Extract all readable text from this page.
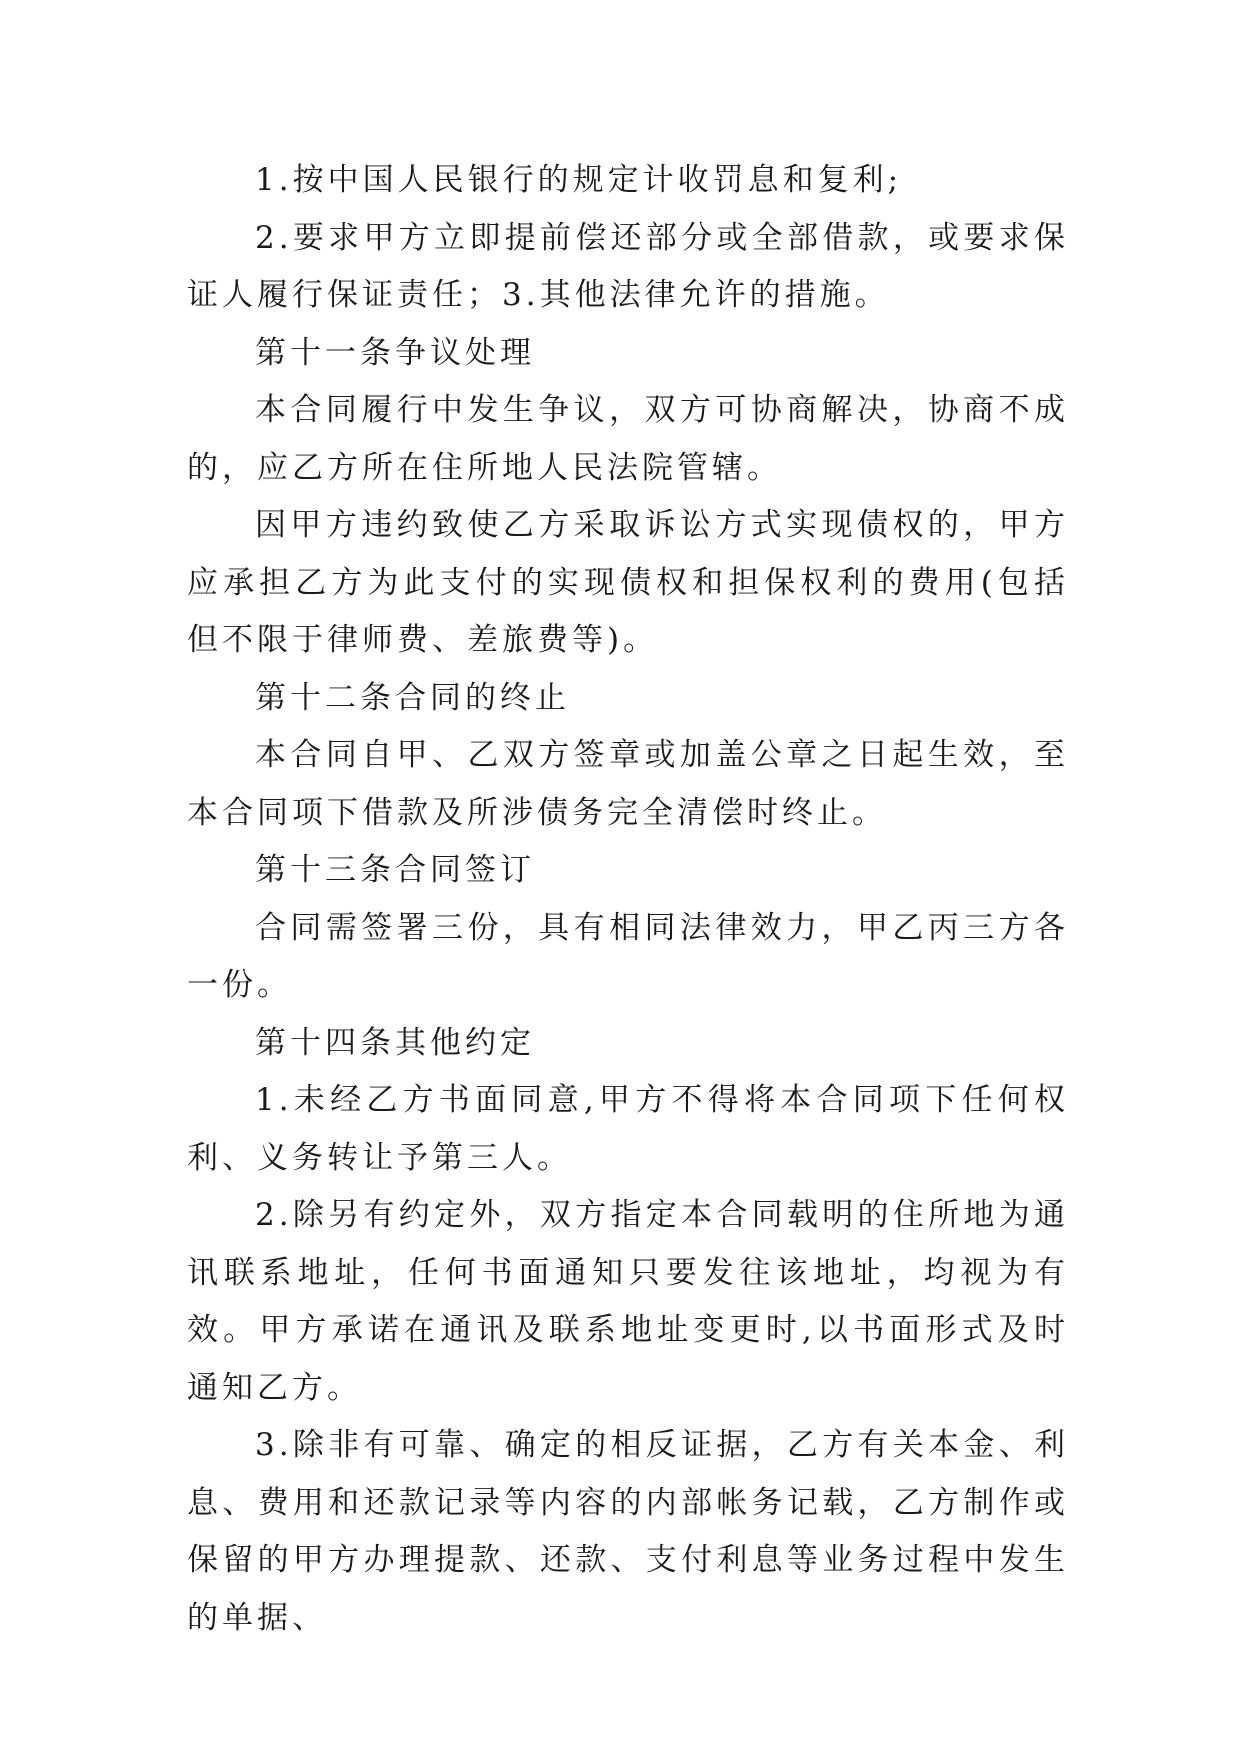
1.按中国人民银行的规定计收罚息和复利;

2.要求甲方立即提前偿还部分或全部借款，或要求保证人履行保证责任；3.其他法律允许的措施。

第十一条争议处理

本合同履行中发生争议，双方可协商解决，协商不成的，应乙方所在住所地人民法院管辖。

因甲方违约致使乙方采取诉讼方式实现债权的，甲方应承担乙方为此支付的实现债权和担保权利的费用(包括但不限于律师费、差旅费等)。

第十二条合同的终止

本合同自甲、乙双方签章或加盖公章之日起生效，至本合同项下借款及所涉债务完全清偿时终止。

第十三条合同签订

合同需签署三份，具有相同法律效力，甲乙丙三方各一份。

第十四条其他约定

1.未经乙方书面同意,甲方不得将本合同项下任何权利、义务转让予第三人。

2.除另有约定外，双方指定本合同载明的住所地为通讯联系地址，任何书面通知只要发往该地址，均视为有效。甲方承诺在通讯及联系地址变更时,以书面形式及时通知乙方。

3.除非有可靠、确定的相反证据，乙方有关本金、利息、费用和还款记录等内容的内部帐务记载，乙方制作或保留的甲方办理提款、还款、支付利息等业务过程中发生的单据、
